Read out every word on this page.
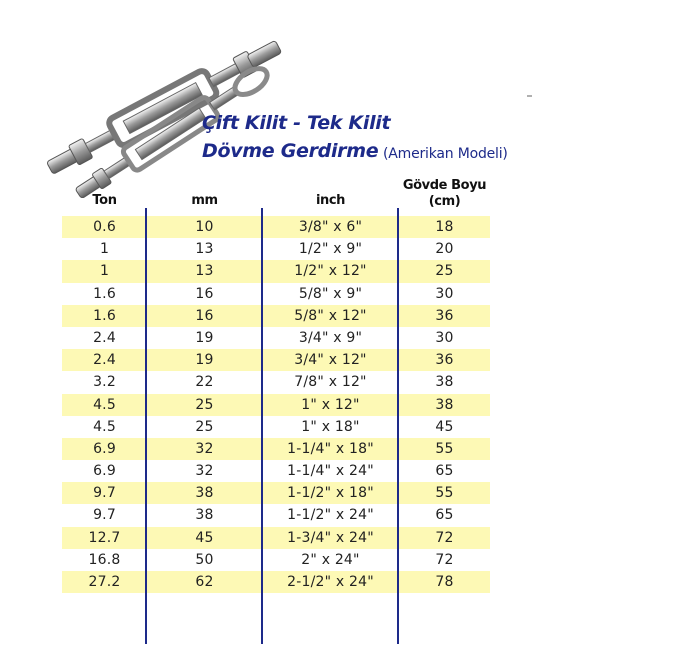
Çift Kilit - Tek Kilit
Dövme Gerdirme (Amerikan Modeli)
Ton	mm	inch
Gövde Boyu
(cm)
0.6	10	3/8" x 6"	18
1	13	1/2" x 9"	20
1	13	1/2" x 12"	25
1.6	16	5/8" x 9"	30
1.6	16	5/8" x 12"	36
2.4	19	3/4" x 9"	30
2.4	19	3/4" x 12"	36
3.2	22	7/8" x 12"	38
4.5	25	1" x 12"	38
4.5	25	1" x 18"	45
6.9	32	1-1/4" x 18"	55
6.9	32	1-1/4" x 24"	65
9.7	38	1-1/2" x 18"	55
9.7	38	1-1/2" x 24"	65
12.7	45	1-3/4" x 24"	72
16.8	50	2" x 24"	72
27.2	62	2-1/2" x 24"	78
